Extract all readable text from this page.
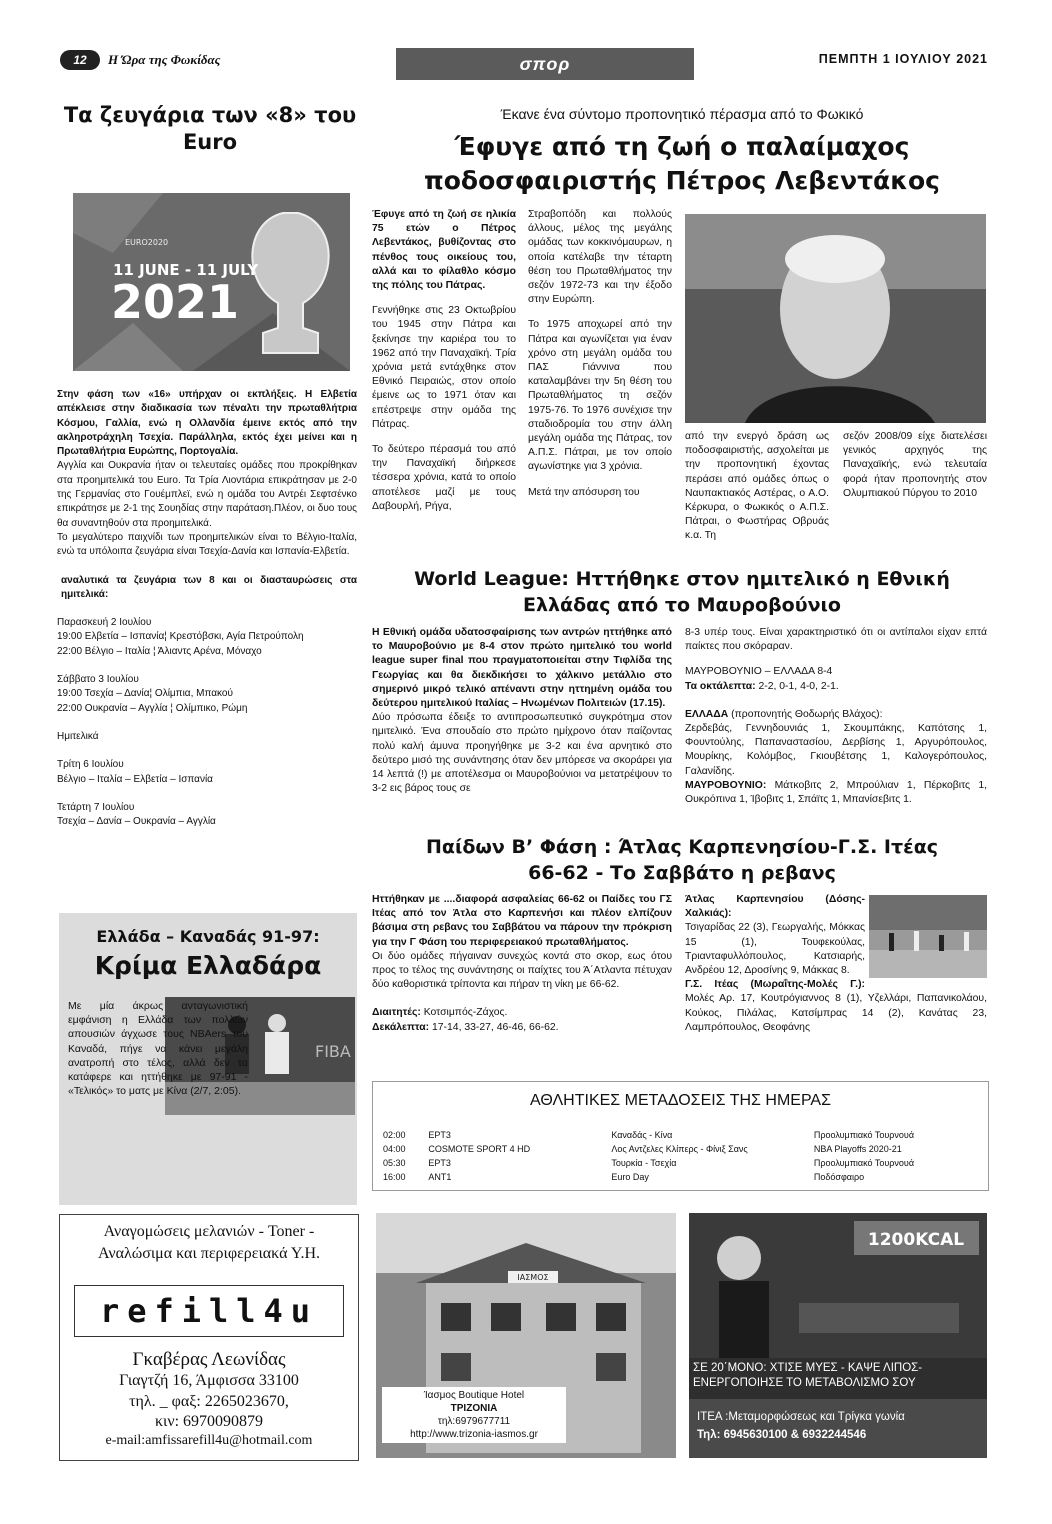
12 Η Ώρα της Φωκίδας	σπορ	ΠΕΜΠΤΗ 1 ΙΟΥΛΙΟΥ 2021
Τα ζευγάρια των «8» του Euro
EURO2020
11 JUNE - 11 JULY
2021
Στην φάση των «16» υπήρχαν οι εκπλήξεις. Η Ελβετία απέκλεισε στην διαδικασία των πέναλτι την πρωταθλήτρια Κόσμου, Γαλλία, ενώ η Ολλανδία έμεινε εκτός από την ακληροτράχηλη Τσεχία. Παράλληλα, εκτός έχει μείνει και η Πρωταθλήτρια Ευρώπης, Πορτογαλία.
Αγγλία και Ουκρανία ήταν οι τελευταίες ομάδες που προκρίθηκαν στα προημιτελικά του Euro. Τα Τρία Λιοντάρια επικράτησαν με 2-0 της Γερμανίας στο Γουέμπλεϊ, ενώ η ομάδα του Αντρέι Σεφτσένκο επικράτησε με 2-1 της Σουηδίας στην παράταση.Πλέον, οι δυο τους θα συναντηθούν στα προημιτελικά.
Το μεγαλύτερο παιχνίδι των προημιτελικών είναι το Βέλγιο-Ιταλία, ενώ τα υπόλοιπα ζευγάρια είναι Τσεχία-Δανία και Ισπανία-Ελβετία.
αναλυτικά τα ζευγάρια των 8 και οι διασταυρώσεις στα ημιτελικά:
Παρασκευή 2 Ιουλίου
19:00 Ελβετία – Ισπανία¦ Κρεστόβσκι, Αγία Πετρούπολη
22:00 Βέλγιο – Ιταλία ¦ Άλιαντς Αρένα, Μόναχο
Σάββατο 3 Ιουλίου
19:00 Τσεχία – Δανία¦ Ολίμπια, Μπακού
22:00 Ουκρανία – Αγγλία ¦ Ολίμπικο, Ρώμη
Ημιτελικά
Τρίτη 6 Ιουλίου
Βέλγιο – Ιταλία – Ελβετία – Ισπανία
Τετάρτη 7 Ιουλίου
Τσεχία – Δανία – Ουκρανία – Αγγλία
Ελλάδα – Καναδάς 91-97:
Κρίμα Ελλαδάρα
FIBA
Με μία άκρως ανταγωνιστική εμφάνιση η Ελλάδα των πολλών απουσιών άγχωσε τους NBAers του Καναδά, πήγε να κάνει μεγάλη ανατροπή στο τέλος, αλλά δεν τα κατάφερε και ηττήθηκε με 97-91 - «Τελικός» το ματς με Κίνα (2/7, 2:05).
Έκανε ένα σύντομο προπονητικό πέρασμα από το Φωκικό
Έφυγε από τη ζωή ο παλαίμαχος ποδοσφαιριστής Πέτρος Λεβεντάκος

Έφυγε από τη ζωή σε ηλικία 75 ετών ο Πέτρος Λεβεντάκος, βυθίζοντας στο πένθος τους οικείους του, αλλά και το φίλαθλο κόσμο της πόλης του Πάτρας.

Γεννήθηκε στις 23 Οκτωβρίου του 1945 στην Πάτρα και ξεκίνησε την καριέρα του το 1962 από την Παναχαϊκή. Τρία χρόνια μετά εντάχθηκε στον Εθνικό Πειραιώς, στον οποίο έμεινε ως το 1971 όταν και επέστρεψε στην ομάδα της Πάτρας.

Το δεύτερο πέρασμά του από την Παναχαϊκή διήρκεσε τέσσερα χρόνια, κατά το οποίο αποτέλεσε μαζί με τους Δαβουρλή, Ρήγα,

Στραβοπόδη και πολλούς άλλους, μέλος της μεγάλης ομάδας των κοκκινόμαυρων, η οποία κατέλαβε την τέταρτη θέση του Πρωταθλήματος την σεζόν 1972-73 και την έξοδο στην Ευρώπη.

Το 1975 αποχωρεί από την Πάτρα και αγωνίζεται για έναν χρόνο στη μεγάλη ομάδα του ΠΑΣ Γιάννινα που καταλαμβάνει την 5η θέση του Πρωταθλήματος τη σεζόν 1975-76. Το 1976 συνέχισε την σταδιοδρομία του στην άλλη μεγάλη ομάδα της Πάτρας, τον Α.Π.Σ. Πάτραι, με τον οποίο αγωνίστηκε για 3 χρόνια.

Μετά την απόσυρση του

από την ενεργό δράση ως ποδοσφαιριστής, ασχολείται με την προπονητική έχοντας περάσει από ομάδες όπως ο Ναυπακτιακός Αστέρας, ο Α.Ο. Κέρκυρα, ο Φωκικός ο Α.Π.Σ. Πάτραι, ο Φωστήρας Οβρυάς κ.α. Τη

σεζόν 2008/09 είχε διατελέσει γενικός αρχηγός της Παναχαϊκής, ενώ τελευταία φορά ήταν προπονητής στον Ολυμπιακού Πύργου το 2010

World League: Ηττήθηκε στον ημιτελικό η Εθνική Ελλάδας από το Μαυροβούνιο
Η Εθνική ομάδα υδατοσφαίρισης των αντρών ηττήθηκε από το Μαυροβούνιο με 8-4 στον πρώτο ημιτελικό του world league super final που πραγματοποιείται στην Τιφλίδα της Γεωργίας και θα διεκδικήσει το χάλκινο μετάλλιο στο σημερινό μικρό τελικό απέναντι στην ηττημένη ομάδα του δεύτερου ημιτελικού Ιταλίας – Ηνωμένων Πολιτειών (17.15).
Δύο πρόσωπα έδειξε το αντιπροσωπευτικό συγκρότημα στον ημιτελικό. Ένα σπουδαίο στο πρώτο ημίχρονο όταν παίζοντας πολύ καλή άμυνα προηγήθηκε με 3-2 και ένα αρνητικό στο δεύτερο μισό της συνάντησης όταν δεν μπόρεσε να σκοράρει για 14 λεπτά (!) με αποτέλεσμα οι Μαυροβούνιοι να μετατρέψουν το 3-2 εις βάρος τους σε

8-3 υπέρ τους. Είναι χαρακτηριστικό ότι οι αντίπαλοι είχαν επτά παίκτες που σκόραραν.

ΜΑΥΡΟΒΟΥΝΙΟ – ΕΛΛΑΔΑ 8-4
Τα οκτάλεπτα: 2-2, 0-1, 4-0, 2-1.
ΕΛΛΑΔΑ (προπονητής Θοδωρής Βλάχος):
Ζερδεβάς, Γεννηδουνιάς 1, Σκουμπάκης, Καπότσης 1, Φουντούλης, Παπαναστασίου, Δερβίσης 1, Αργυρόπουλος, Μουρίκης, Κολόμβος, Γκιουβέτσης 1, Καλογερόπουλος, Γαλανίδης.
ΜΑΥΡΟΒΟΥΝΙΟ: Μάτκοβιτς 2, Μπρούλιαν 1, Πέρκοβιτς 1, Ουκρόπινα 1, Ίβοβιτς 1, Σπάϊτς 1, Μπανίσεβιτς 1.
Παίδων Β’ Φάση : Άτλας Καρπενησίου-Γ.Σ. Ιτέας
66-62 - Το Σαββάτο η ρεβανς
Ηττήθηκαν με ....διαφορά ασφαλείας 66-62 οι Παίδες του ΓΣ Ιτέας από τον Άτλα στο Καρπενήσι και πλέον ελπίζουν βάσιμα στη ρεβανς του Σαββάτου να πάρουν την πρόκριση για την Γ Φάση του περιφερειακού πρωταθλήματος.
Οι δύο ομάδες πήγαιναν συνεχώς κοντά στο σκορ, εως ότου προς το τέλος της συνάντησης οι παίχτες του Ά΄Ατλαντα πέτυχαν δύο καθοριστικά τρίποντα και πήραν τη νίκη με 66-62.
Διαιτητές: Κοτσιμπός-Ζάχος.
Δεκάλεπτα: 17-14, 33-27, 46-46, 66-62.
Άτλας Καρπενησίου (Δόσης-Χαλκιάς):
Τσιγαρίδας 22 (3), Γεωργαλής, Μόκκας 15 (1), Τουφεκούλας, Τριανταφυλλόπουλος, Κατσιαρής, Ανδρέου 12, Δροσίνης 9, Μάκκας 8.
Γ.Σ. Ιτέας (Μωραΐτης-Μολές Γ.): Μολές Αρ. 17, Κουτρόγιαννος 8 (1), Υζελλάρι, Παπανικολάου, Κούκος, Πιλάλας, Κατσίμπρας 14 (2), Κανάτας 23, Λαμπρόπουλος, Θεοφάνης
ΑΘΛΗΤΙΚΕΣ ΜΕΤΑΔΟΣΕΙΣ ΤΗΣ ΗΜΕΡΑΣ
02:00	ΕΡΤ3	Καναδάς - Κίνα	Προολυμπιακό Τουρνουά
04:00	COSMOTE SPORT 4 HD	Λος Αντζελες Κλίπερς - Φίνιξ Σανς	NBA Playoffs 2020-21
05:30	ΕΡΤ3	Τουρκία - Τσεχία	Προολυμπιακό Τουρνουά
16:00	ΑΝΤ1	Euro Day	Ποδόσφαιρο
Αναγομώσεις μελανιών - Toner -
Αναλώσιμα και περιφερειακά Υ.Η.
refill4u
Γκαβέρας Λεωνίδας
Γιαγτζή 16, Άμφισσα 33100
τηλ. _ φαξ: 2265023670,
κιν: 6970090879
e-mail:amfissarefill4u@hotmail.com
ΙΑΣΜΟΣ
Ίασμος Boutique Hotel
ΤΡΙΖΟΝΙΑ
τηλ:6979677711
http://www.trizonia-iasmos.gr
1200KCAL
ΣΕ 20΄ΜΟΝΟ: ΧΤΙΣΕ ΜΥΕΣ - ΚΑΨΕ ΛΙΠΟΣ-ΕΝΕΡΓΟΠΟΙΗΣΕ ΤΟ ΜΕΤΑΒΟΛΙΣΜΟ ΣΟΥ
ΙΤΕΑ :Μεταμορφώσεως και Τρίγκα γωνία
Τηλ: 6945630100 & 6932244546
